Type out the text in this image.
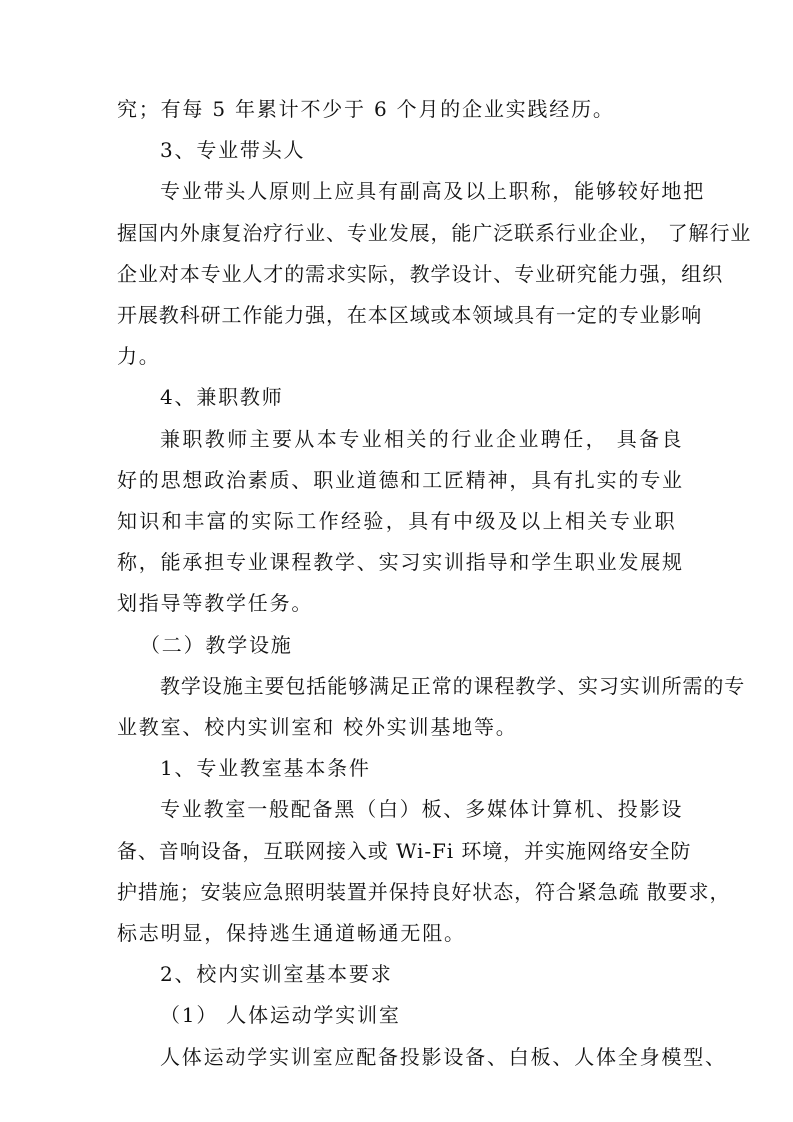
究；有每 5 年累计不少于 6 个月的企业实践经历。
3、专业带头人
专业带头人原则上应具有副高及以上职称，能够较好地把
握国内外康复治疗行业、专业发展，能广泛联系行业企业， 了解行业
企业对本专业人才的需求实际，教学设计、专业研究能力强，组织
开展教科研工作能力强，在本区域或本领域具有一定的专业影响
力。
4、兼职教师
兼职教师主要从本专业相关的行业企业聘任， 具备良
好的思想政治素质、职业道德和工匠精神，具有扎实的专业
知识和丰富的实际工作经验，具有中级及以上相关专业职
称，能承担专业课程教学、实习实训指导和学生职业发展规
划指导等教学任务。
（二）教学设施
教学设施主要包括能够满足正常的课程教学、实习实训所需的专
业教室、校内实训室和 校外实训基地等。
1、专业教室基本条件
专业教室一般配备黑（白）板、多媒体计算机、投影设
备、音响设备，互联网接入或 Wi-Fi 环境，并实施网络安全防
护措施；安装应急照明装置并保持良好状态，符合紧急疏 散要求，
标志明显，保持逃生通道畅通无阻。
2、校内实训室基本要求
（1） 人体运动学实训室
人体运动学实训室应配备投影设备、白板、人体全身模型、
